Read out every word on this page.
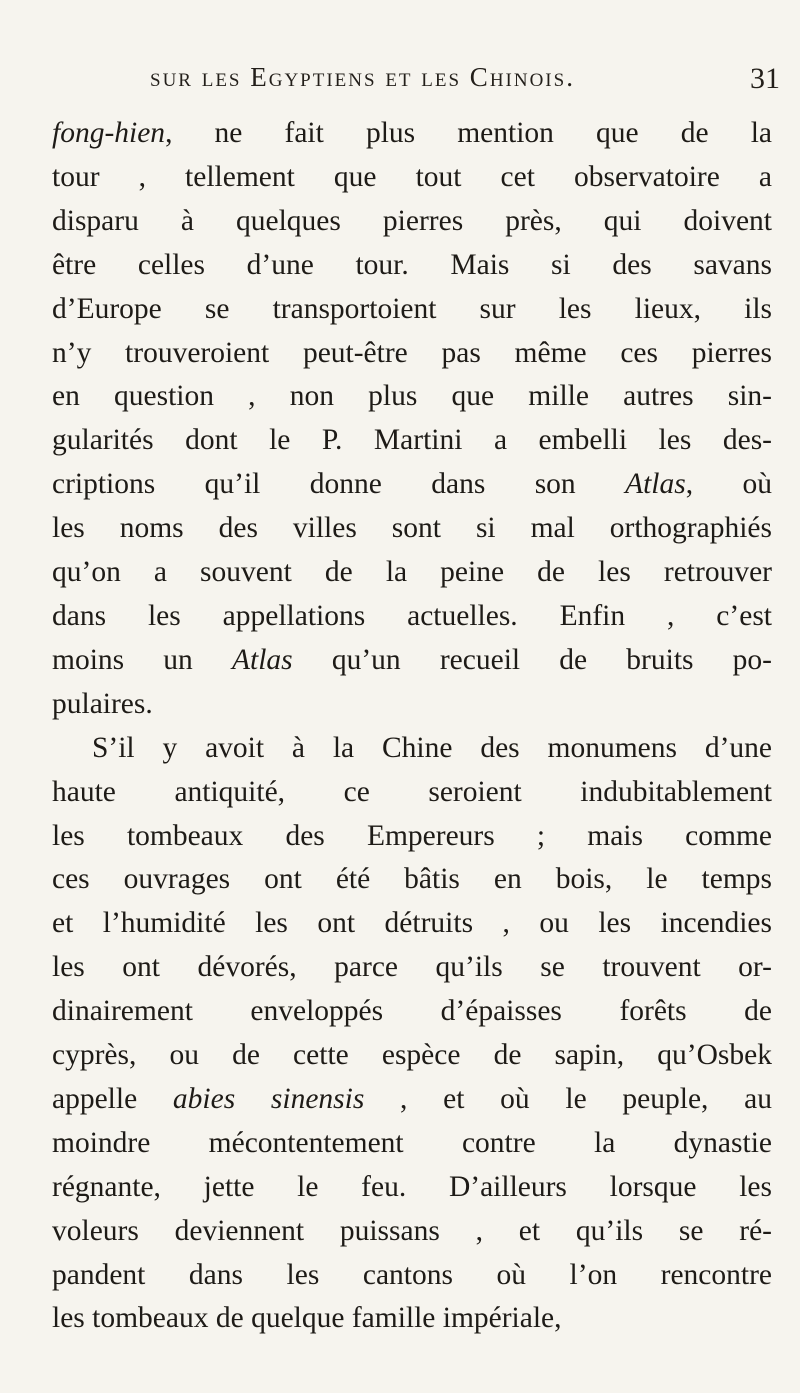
sur les Egyptiens et les Chinois.	31
fong-hien, ne fait plus mention que de la
tour , tellement que tout cet observatoire a
disparu à quelques pierres près, qui doivent
être celles d’une tour. Mais si des savans
d’Europe se transportoient sur les lieux, ils
n’y trouveroient peut-être pas même ces pierres
en question , non plus que mille autres sin-
gularités dont le P. Martini a embelli les des-
criptions qu’il donne dans son Atlas, où
les noms des villes sont si mal orthographiés
qu’on a souvent de la peine de les retrouver
dans les appellations actuelles. Enfin , c’est
moins un Atlas qu’un recueil de bruits po-
pulaires.
S’il y avoit à la Chine des monumens d’une
haute antiquité, ce seroient indubitablement
les tombeaux des Empereurs ; mais comme
ces ouvrages ont été bâtis en bois, le temps
et l’humidité les ont détruits , ou les incendies
les ont dévorés, parce qu’ils se trouvent or-
dinairement enveloppés d’épaisses forêts de
cyprès, ou de cette espèce de sapin, qu’Osbek
appelle abies sinensis , et où le peuple, au
moindre mécontentement contre la dynastie
régnante, jette le feu. D’ailleurs lorsque les
voleurs deviennent puissans , et qu’ils se ré-
pandent dans les cantons où l’on rencontre
les tombeaux de quelque famille impériale,
